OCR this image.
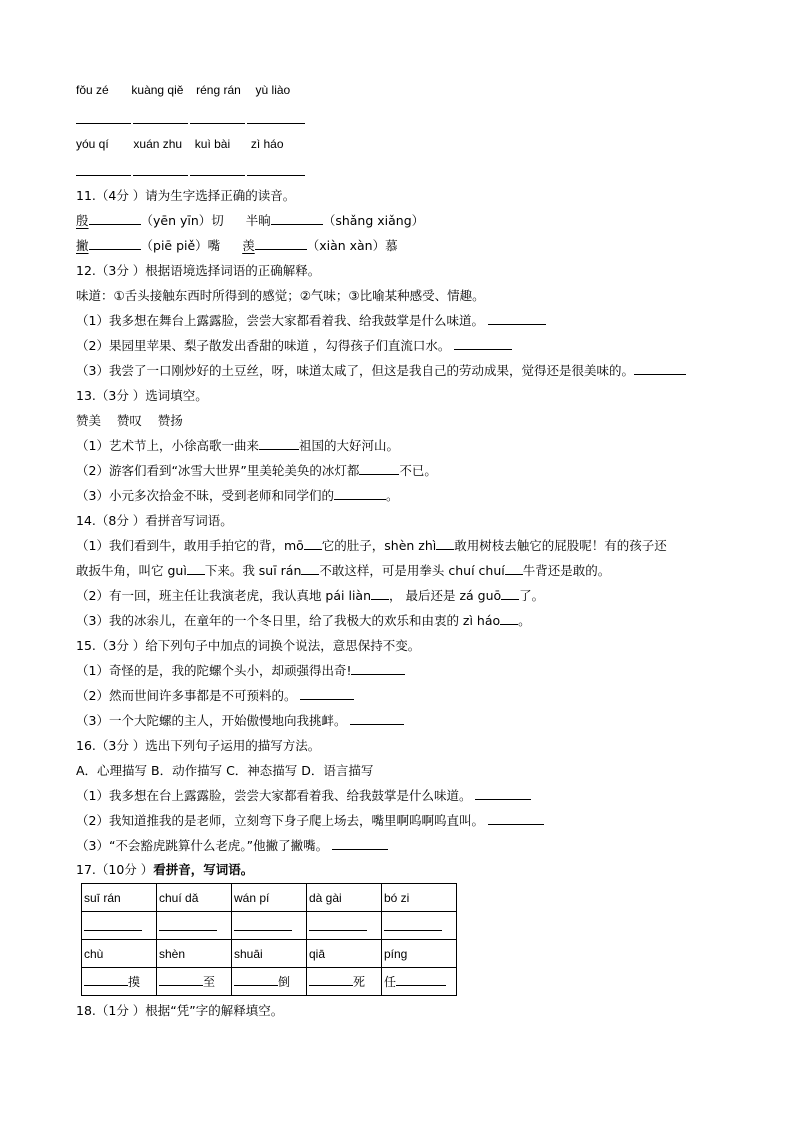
fǒu zé kuàng qiě réng rán yù liào
yóu qí xuán zhu kuì bài zì háo
11.（4分 ）请为生字选择正确的读音。
殷	（yēn yīn）切 半晌	（shǎng xiǎng）
撇	（piē piě）嘴 羡	（xiàn xàn）慕
12.（3分 ）根据语境选择词语的正确解释。
味道：①舌头接触东西时所得到的感觉；②气味；③比喻某种感受、情趣。
（1）我多想在舞台上露露脸，尝尝大家都看着我、给我鼓掌是什么味道。
（2）果园里苹果、梨子散发出香甜的味道 ，勾得孩子们直流口水。
（3）我尝了一口刚炒好的土豆丝，呀，味道太咸了，但这是我自己的劳动成果，觉得还是很美味的。
13.（3分 ）选词填空。
赞美    赞叹    赞扬
（1）艺术节上，小徐高歌一曲来	祖国的大好河山。
（2）游客们看到“冰雪大世界”里美轮美奂的冰灯都	不已。
（3）小元多次拾金不昧，受到老师和同学们的	。
14.（8分 ）看拼音写词语。
（1）我们看到牛，敢用手拍它的背，mō 它的肚子，shèn zhì 敢用树枝去触它的屁股呢！有的孩子还
敢扳牛角，叫它 guì 下来。我 suī rán 不敢这样，可是用拳头 chuí chuí 牛背还是敢的。
（2）有一回，班主任让我演老虎，我认真地 pái liàn ， 最后还是 zá guō 了。
（3）我的冰尜儿，在童年的一个冬日里，给了我极大的欢乐和由衷的 zì háo 。
15.（3分 ）给下列句子中加点的词换个说法，意思保持不变。
（1）奇怪的是，我的陀螺个头小，却顽强得出奇!
（2）然而世间许多事都是不可预料的。
（3）一个大陀螺的主人，开始傲慢地向我挑衅。
16.（3分 ）选出下列句子运用的描写方法。
A．心理描写 B．动作描写 C．神态描写 D．语言描写
（1）我多想在台上露露脸，尝尝大家都看着我、给我鼓掌是什么味道。
（2）我知道推我的是老师，立刻弯下身子爬上场去，嘴里啊呜啊呜直叫。
（3）“不会豁虎跳算什么老虎。”他撇了撇嘴。
17.（10分 ）看拼音，写词语。
suī rán	chuí dǎ	wán pí	dà gài	bó zi

chù	shèn	shuāi	qiā	píng
摸	至	倒	死	任
18.（1分 ）根据“凭”字的解释填空。
